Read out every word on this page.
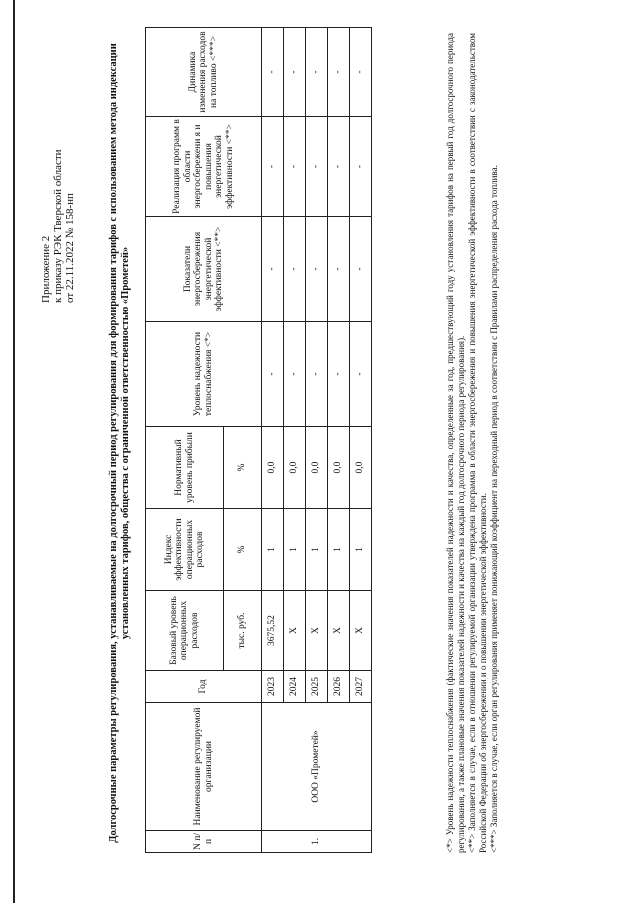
Приложение 2 к приказу РЭК Тверской области от 22.11.2022 № 158-нп	Долгосрочные параметры регулирования, устанавливаемые на долгосрочный период регулирования для формирования тарифов с использованием метода индексации установленных тарифов, общества с ограниченной ответственностью «Прометей»
N п/п	Наименование регулируемой организации	Год	Базовый уровень операционных расходов	Индекс эффективности операционных расходов	Нормативный уровень прибыли	Уровень надежности теплоснабжения <*>	Показатели энергосбережения энергетической эффективности <**>	Реализация программ в области энергосбережени я и повышения энергетической эффективности <**>	Динамика изменения расходов на топливо <***>
			тыс. руб.	%	%				
1.	ООО «Прометей»	2023	3675,52	1	0,0	-	-	-	-
		2024	Х	1	0,0	-	-	-	-
		2025	Х	1	0,0	-	-	-	-
		2026	Х	1	0,0	-	-	-	-
		2027	Х	1	0,0	-	-	-	-	<*> Уровень надежности теплоснабжения (фактические значения показателей надежности и качества, определенные за год, предшествующий году установления тарифов на первый год долгосрочного периода регулирования, а также плановые значения показателей надежности и качества на каждый год долгосрочного периода регулирования). <**> Заполняется в случае, если в отношении регулируемой организации утверждена программа в области энергосбережения и повышения энергетической эффективности в соответствии с законодательством Российской Федерации об энергосбережении и о повышении энергетической эффективности. <***> Заполняется в случае, если орган регулирования применяет понижающий коэффициент на переходный период в соответствии с Правилами распределения расхода топлива.
